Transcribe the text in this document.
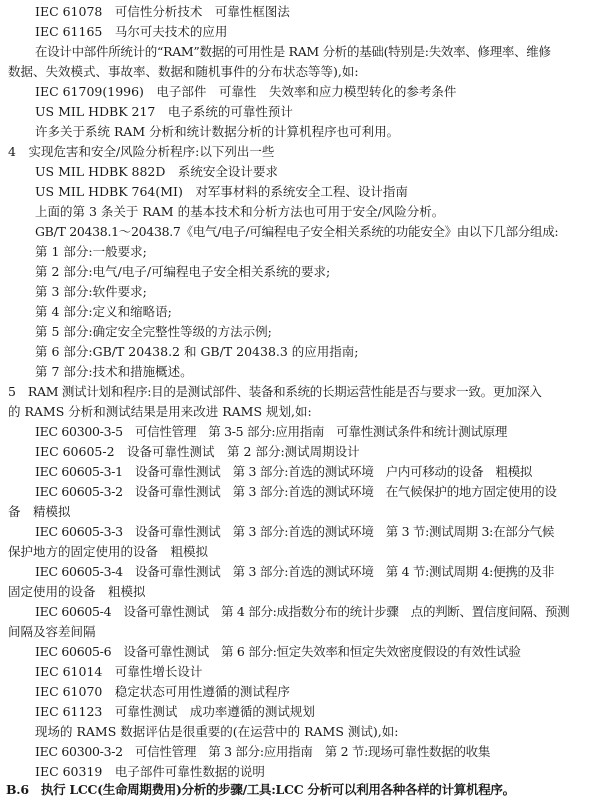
IEC 61078　可信性分析技术　可靠性框图法
IEC 61165　马尔可夫技术的应用
在设计中部件所统计的“RAM”数据的可用性是 RAM 分析的基础(特别是:失效率、修理率、维修
数据、失效模式、事故率、数据和随机事件的分布状态等等),如:
IEC 61709(1996)　电子部件　可靠性　失效率和应力模型转化的参考条件
US MIL HDBK 217　电子系统的可靠性预计
许多关于系统 RAM 分析和统计数据分析的计算机程序也可利用。
4　实现危害和安全/风险分析程序:以下列出一些
US MIL HDBK 882D　系统安全设计要求
US MIL HDBK 764(MI)　对军事材料的系统安全工程、设计指南
上面的第 3 条关于 RAM 的基本技术和分析方法也可用于安全/风险分析。
GB/T 20438.1～20438.7《电气/电子/可编程电子安全相关系统的功能安全》由以下几部分组成:
第 1 部分:一般要求;
第 2 部分:电气/电子/可编程电子安全相关系统的要求;
第 3 部分:软件要求;
第 4 部分:定义和缩略语;
第 5 部分:确定安全完整性等级的方法示例;
第 6 部分:GB/T 20438.2 和 GB/T 20438.3 的应用指南;
第 7 部分:技术和措施概述。
5　RAM 测试计划和程序:目的是测试部件、装备和系统的长期运营性能是否与要求一致。更加深入
的 RAMS 分析和测试结果是用来改进 RAMS 规划,如:
IEC 60300-3-5　可信性管理　第 3-5 部分:应用指南　可靠性测试条件和统计测试原理
IEC 60605-2　设备可靠性测试　第 2 部分:测试周期设计
IEC 60605-3-1　设备可靠性测试　第 3 部分:首选的测试环境　户内可移动的设备　粗模拟
IEC 60605-3-2　设备可靠性测试　第 3 部分:首选的测试环境　在气候保护的地方固定使用的设
备　精模拟
IEC 60605-3-3　设备可靠性测试　第 3 部分:首选的测试环境　第 3 节:测试周期 3:在部分气候
保护地方的固定使用的设备　粗模拟
IEC 60605-3-4　设备可靠性测试　第 3 部分:首选的测试环境　第 4 节:测试周期 4:便携的及非
固定使用的设备　粗模拟
IEC 60605-4　设备可靠性测试　第 4 部分:成指数分布的统计步骤　点的判断、置信度间隔、预测
间隔及容差间隔
IEC 60605-6　设备可靠性测试　第 6 部分:恒定失效率和恒定失效密度假设的有效性试验
IEC 61014　可靠性增长设计
IEC 61070　稳定状态可用性遵循的测试程序
IEC 61123　可靠性测试　成功率遵循的测试规划
现场的 RAMS 数据评估是很重要的(在运营中的 RAMS 测试),如:
IEC 60300-3-2　可信性管理　第 3 部分:应用指南　第 2 节:现场可靠性数据的收集
IEC 60319　电子部件可靠性数据的说明
B.6　执行 LCC(生命周期费用)分析的步骤/工具:LCC 分析可以利用各种各样的计算机程序。
